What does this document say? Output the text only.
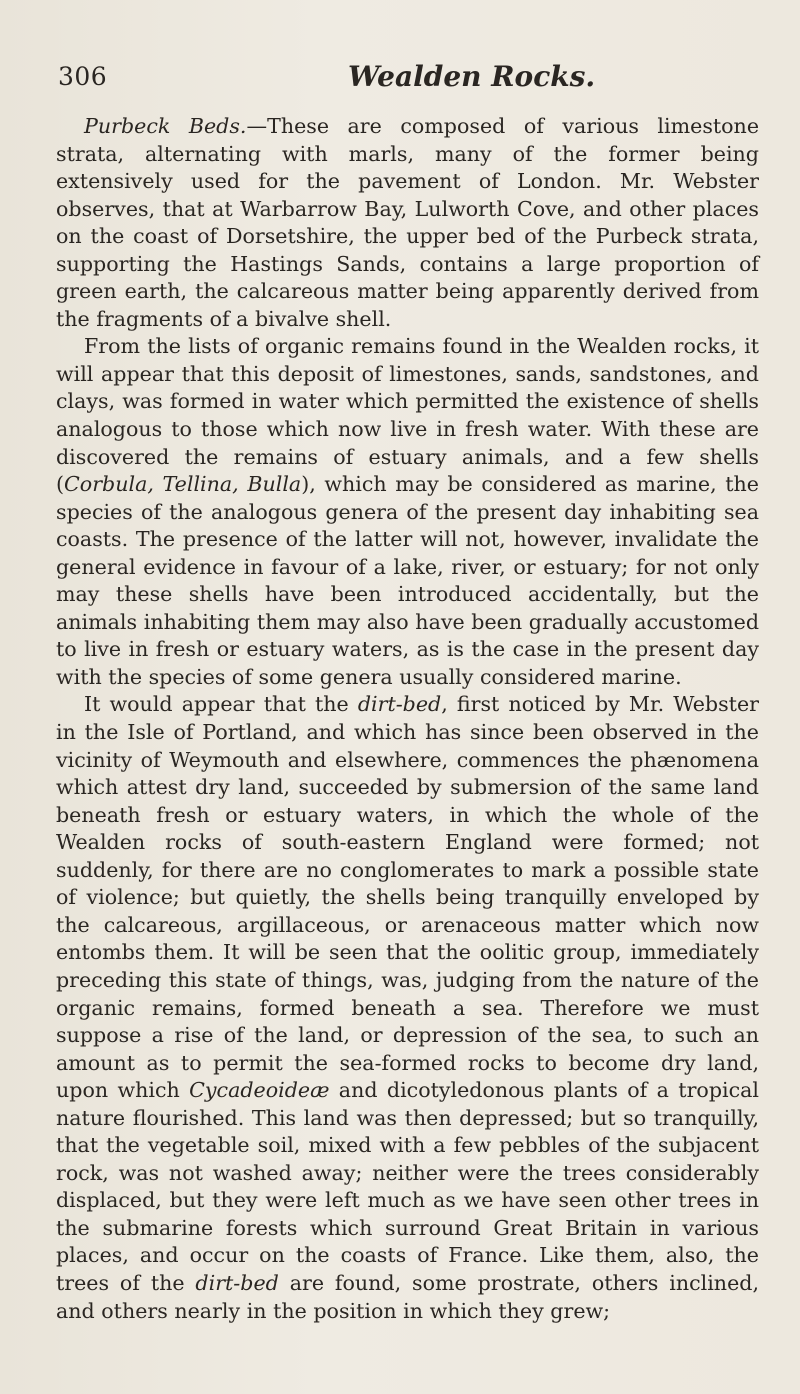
306	Wealden Rocks.

Purbeck Beds.—These are composed of various limestone strata, alternating with marls, many of the former being extensively used for the pavement of London. Mr. Webster observes, that at Warbarrow Bay, Lulworth Cove, and other places on the coast of Dorsetshire, the upper bed of the Purbeck strata, supporting the Hastings Sands, contains a large proportion of green earth, the calcareous matter being apparently derived from the fragments of a bivalve shell.

From the lists of organic remains found in the Wealden rocks, it will appear that this deposit of limestones, sands, sandstones, and clays, was formed in water which permitted the existence of shells analogous to those which now live in fresh water. With these are discovered the remains of estuary animals, and a few shells (Corbula, Tellina, Bulla), which may be considered as marine, the species of the analogous genera of the present day inhabiting sea coasts. The presence of the latter will not, however, invalidate the general evidence in favour of a lake, river, or estuary; for not only may these shells have been introduced accidentally, but the animals inhabiting them may also have been gradually accustomed to live in fresh or estuary waters, as is the case in the present day with the species of some genera usually considered marine.

It would appear that the dirt-bed, first noticed by Mr. Webster in the Isle of Portland, and which has since been observed in the vicinity of Weymouth and elsewhere, commences the phænomena which attest dry land, succeeded by submersion of the same land beneath fresh or estuary waters, in which the whole of the Wealden rocks of south-eastern England were formed; not suddenly, for there are no conglomerates to mark a possible state of violence; but quietly, the shells being tranquilly enveloped by the calcareous, argillaceous, or arenaceous matter which now entombs them. It will be seen that the oolitic group, immediately preceding this state of things, was, judging from the nature of the organic remains, formed beneath a sea. Therefore we must suppose a rise of the land, or depression of the sea, to such an amount as to permit the sea-formed rocks to become dry land, upon which Cycadeoideæ and dicotyledonous plants of a tropical nature flourished. This land was then depressed; but so tranquilly, that the vegetable soil, mixed with a few pebbles of the subjacent rock, was not washed away; neither were the trees considerably displaced, but they were left much as we have seen other trees in the submarine forests which surround Great Britain in various places, and occur on the coasts of France. Like them, also, the trees of the dirt-bed are found, some prostrate, others inclined, and others nearly in the position in which they grew;
